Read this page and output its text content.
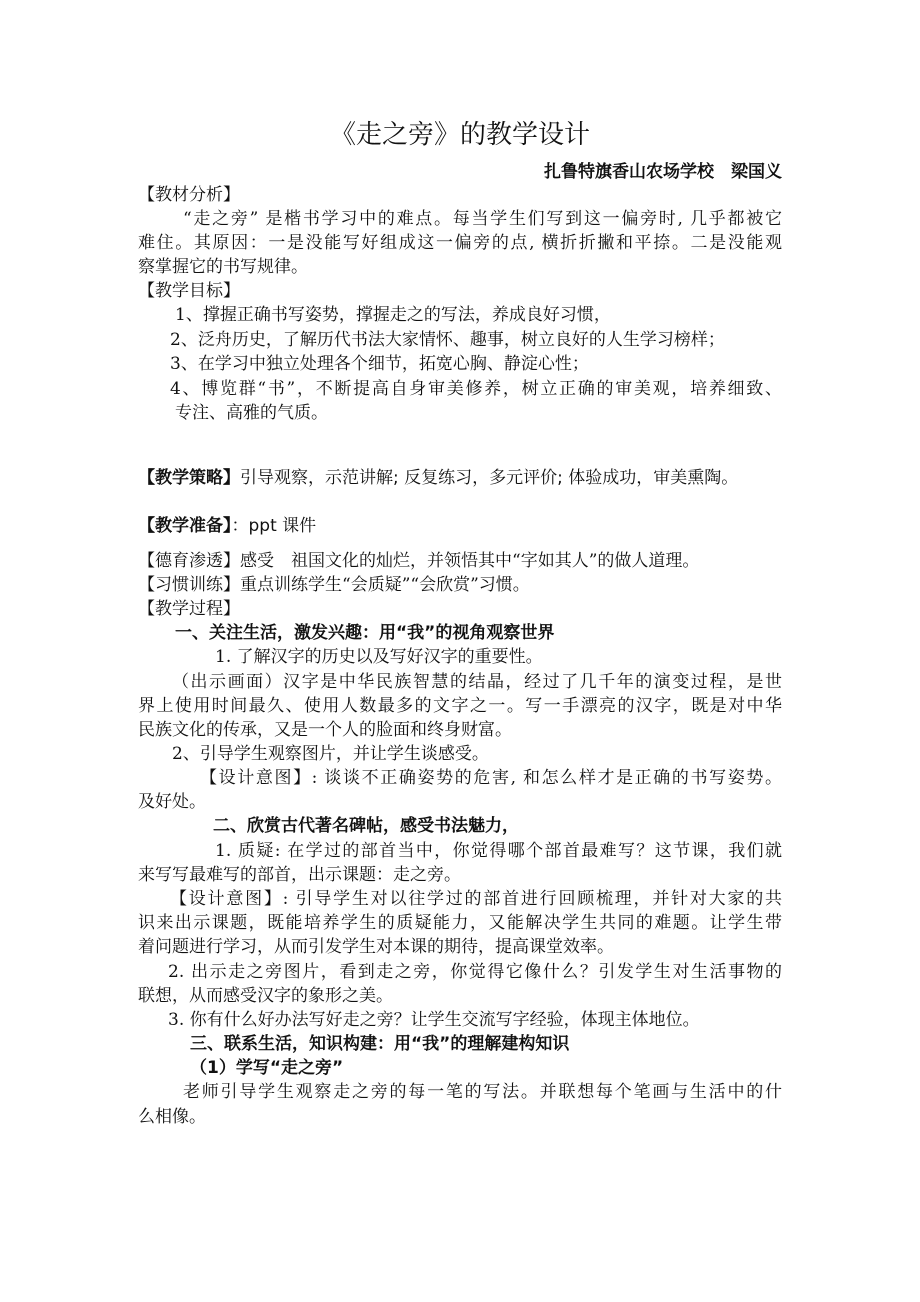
《走之旁》的教学设计
扎鲁特旗香山农场学校　梁国义
【教材分析】
“走之旁” 是楷书学习中的难点。每当学生们写到这一偏旁时, 几乎都被它
难住。其原因：一是没能写好组成这一偏旁的点, 横折折撇和平捺。二是没能观
察掌握它的书写规律。
【教学目标】
1、撑握正确书写姿势，撑握走之的写法，养成良好习惯，
2、泛舟历史，了解历代书法大家情怀、趣事，树立良好的人生学习榜样；
3、在学习中独立处理各个细节，拓宽心胸、静淀心性；
4、博览群“书”，不断提高自身审美修养，树立正确的审美观，培养细致、
专注、高雅的气质。
【教学策略】引导观察，示范讲解; 反复练习，多元评价; 体验成功，审美熏陶。
【教学准备】：ppt 课件
【德育渗透】感受　祖国文化的灿烂，并领悟其中“字如其人”的做人道理。
【习惯训练】重点训练学生“会质疑”“会欣赏”习惯。
【教学过程】
一、关注生活，激发兴趣：用“我”的视角观察世界
1. 了解汉字的历史以及写好汉字的重要性。
（出示画面）汉字是中华民族智慧的结晶，经过了几千年的演变过程，是世
界上使用时间最久、使用人数最多的文字之一。写一手漂亮的汉字，既是对中华
民族文化的传承，又是一个人的脸面和终身财富。
2、引导学生观察图片，并让学生谈感受。
【设计意图】: 谈谈不正确姿势的危害, 和怎么样才是正确的书写姿势。
及好处。
二、欣赏古代著名碑帖，感受书法魅力，
1. 质疑: 在学过的部首当中，你觉得哪个部首最难写？这节课，我们就
来写写最难写的部首，出示课题：走之旁。
【设计意图】: 引导学生对以往学过的部首进行回顾梳理，并针对大家的共
识来出示课题，既能培养学生的质疑能力，又能解决学生共同的难题。让学生带
着问题进行学习，从而引发学生对本课的期待，提高课堂效率。
2. 出示走之旁图片，看到走之旁，你觉得它像什么？引发学生对生活事物的
联想，从而感受汉字的象形之美。
3. 你有什么好办法写好走之旁？让学生交流写字经验，体现主体地位。
三、联系生活，知识构建：用“我”的理解建构知识
（1）学写“走之旁”
老师引导学生观察走之旁的每一笔的写法。并联想每个笔画与生活中的什
么相像。
